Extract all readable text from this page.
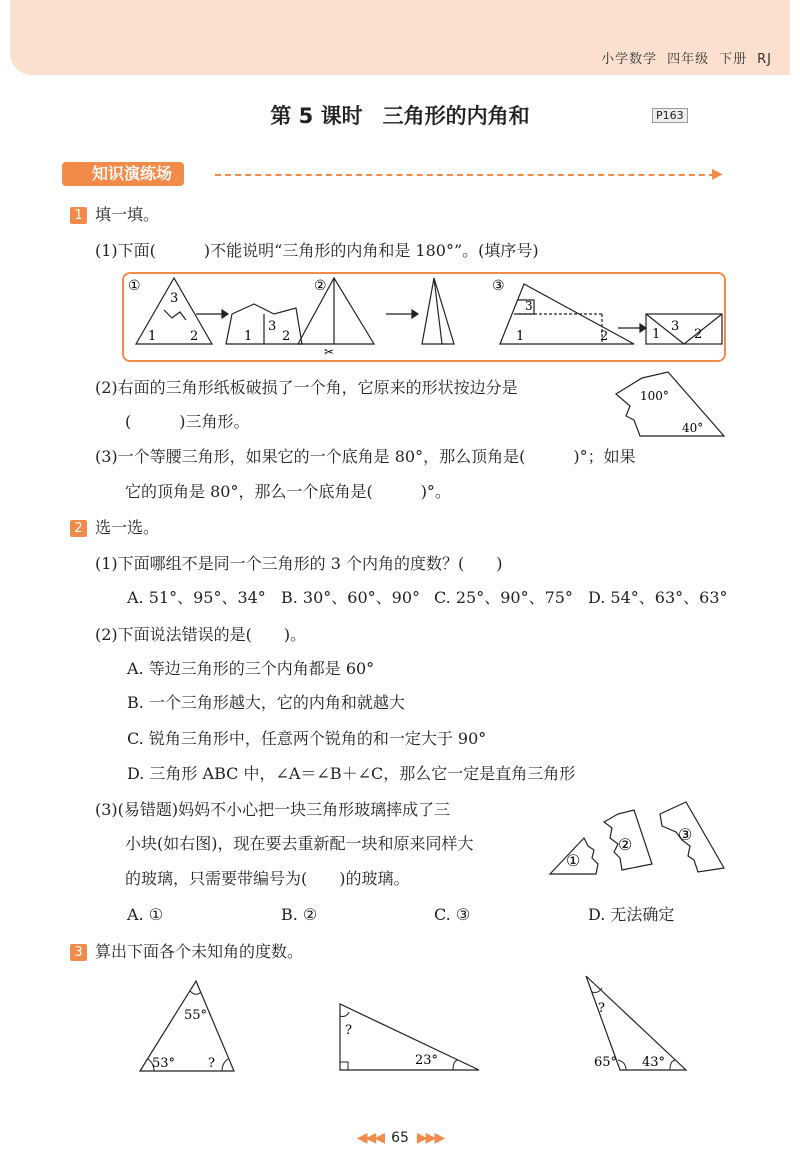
小学数学 四年级 下册 RJ
第 5 课时 三角形的内角和	P163
知识演练场	▶
1 填一填。
(1)下面(　　　)不能说明“三角形的内角和是 180°”。(填序号)
①	②	③
3
1	2
3
1 2
3
1	2	1
3
2
✂
(2)右面的三角形纸板破损了一个角，它原来的形状按边分是
(　　　)三角形。
100°
40°
(3)一个等腰三角形，如果它的一个底角是 80°，那么顶角是(　　　)°；如果
它的顶角是 80°，那么一个底角是(　　　)°。
2 选一选。
(1)下面哪组不是同一个三角形的 3 个内角的度数？(　　)
A. 51°、95°、34° B. 30°、60°、90° C. 25°、90°、75° D. 54°、63°、63°
(2)下面说法错误的是(　　)。
A. 等边三角形的三个内角都是 60°
B. 一个三角形越大，它的内角和就越大
C. 锐角三角形中，任意两个锐角的和一定大于 90°
D. 三角形 ABC 中，∠A＝∠B＋∠C，那么它一定是直角三角形
(3)(易错题)妈妈不小心把一块三角形玻璃摔成了三
小块(如右图)，现在要去重新配一块和原来同样大
的玻璃，只需要带编号为(　　)的玻璃。
①
②
③
A. ①	B. ②	C. ③	D. 无法确定
3 算出下面各个未知角的度数。
55°
53°	?
?
23°
?
65° 43°
◀◀◀ 65 ▶▶▶
